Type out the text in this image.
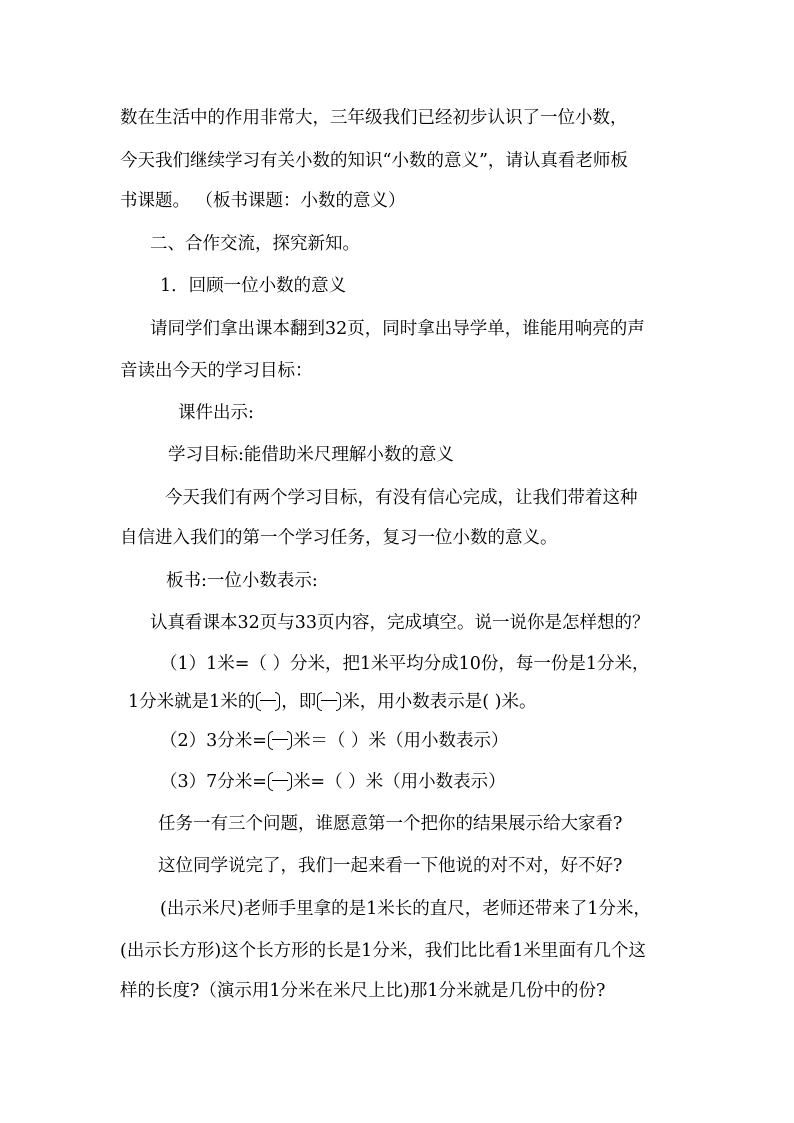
数在生活中的作用非常大，三年级我们已经初步认识了一位小数，
今天我们继续学习有关小数的知识“小数的意义”，请认真看老师板
书课题。 （板书课题：小数的意义）
二、合作交流，探究新知。
1．回顾一位小数的意义
请同学们拿出课本翻到32页，同时拿出导学单，谁能用响亮的声
音读出今天的学习目标：
课件出示:
学习目标:能借助米尺理解小数的意义
今天我们有两个学习目标，有没有信心完成，让我们带着这种
自信进入我们的第一个学习任务，复习一位小数的意义。
板书:一位小数表示:
认真看课本32页与33页内容，完成填空。说一说你是怎样想的？
（1）1米=（ ）分米，把1米平均分成10份，每一份是1分米，
1分米就是1米的 ，即 米，用小数表示是( )米。
（2）3分米= 米＝（ ）米（用小数表示）
（3）7分米= 米=（ ）米（用小数表示）
任务一有三个问题，谁愿意第一个把你的结果展示给大家看?
这位同学说完了，我们一起来看一下他说的对不对，好不好?
(出示米尺)老师手里拿的是1米长的直尺，老师还带来了1分米，
(出示长方形)这个长方形的长是1分米，我们比比看1米里面有几个这
样的长度?（演示用1分米在米尺上比)那1分米就是几份中的份?
